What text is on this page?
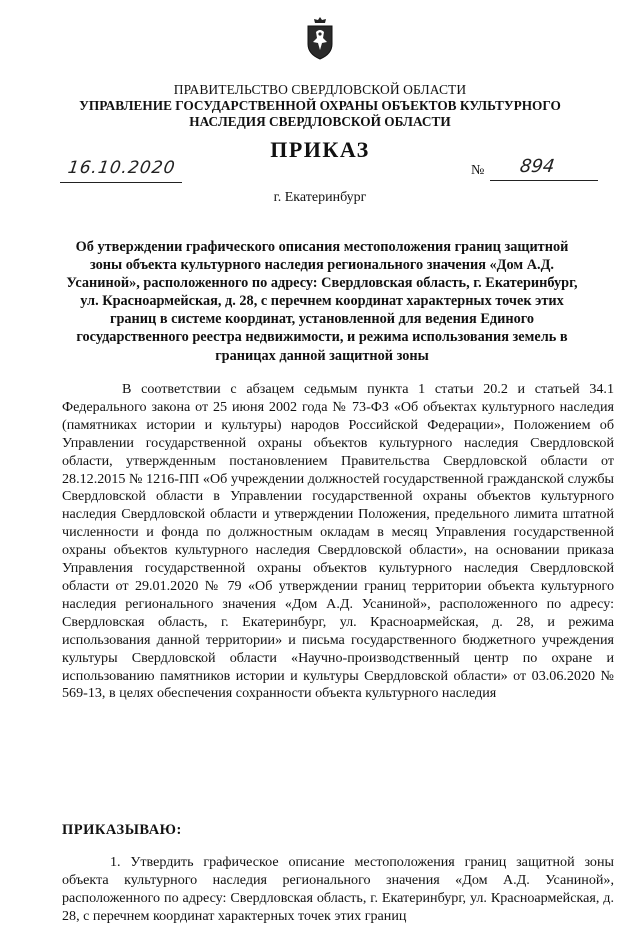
ПРАВИТЕЛЬСТВО СВЕРДЛОВСКОЙ ОБЛАСТИ
УПРАВЛЕНИЕ ГОСУДАРСТВЕННОЙ ОХРАНЫ ОБЪЕКТОВ КУЛЬТУРНОГО НАСЛЕДИЯ СВЕРДЛОВСКОЙ ОБЛАСТИ
ПРИКАЗ
16.10.2020	№ 894
г. Екатеринбург
Об утверждении графического описания местоположения границ защитной зоны объекта культурного наследия регионального значения «Дом А.Д. Усаниной», расположенного по адресу: Свердловская область, г. Екатеринбург, ул. Красноармейская, д. 28, с перечнем координат характерных точек этих границ в системе координат, установленной для ведения Единого государственного реестра недвижимости, и режима использования земель в границах данной защитной зоны

В соответствии с абзацем седьмым пункта 1 статьи 20.2 и статьей 34.1 Федерального закона от 25 июня 2002 года № 73-ФЗ «Об объектах культурного наследия (памятниках истории и культуры) народов Российской Федерации», Положением об Управлении государственной охраны объектов культурного наследия Свердловской области, утвержденным постановлением Правительства Свердловской области от 28.12.2015 № 1216-ПП «Об учреждении должностей государственной гражданской службы Свердловской области в Управлении государственной охраны объектов культурного наследия Свердловской области и утверждении Положения, предельного лимита штатной численности и фонда по должностным окладам в месяц Управления государственной охраны объектов культурного наследия Свердловской области», на основании приказа Управления государственной охраны объектов культурного наследия Свердловской области от 29.01.2020 № 79 «Об утверждении границ территории объекта культурного наследия регионального значения «Дом А.Д. Усаниной», расположенного по адресу: Свердловская область, г. Екатеринбург, ул. Красноармейская, д. 28, и режима использования данной территории» и письма государственного бюджетного учреждения культуры Свердловской области «Научно-производственный центр по охране и использованию памятников истории и культуры Свердловской области» от 03.06.2020 № 569-13, в целях обеспечения сохранности объекта культурного наследия

ПРИКАЗЫВАЮ:

1. Утвердить графическое описание местоположения границ защитной зоны объекта культурного наследия регионального значения «Дом А.Д. Усаниной», расположенного по адресу: Свердловская область, г. Екатеринбург, ул. Красноармейская, д. 28, с перечнем координат характерных точек этих границ
